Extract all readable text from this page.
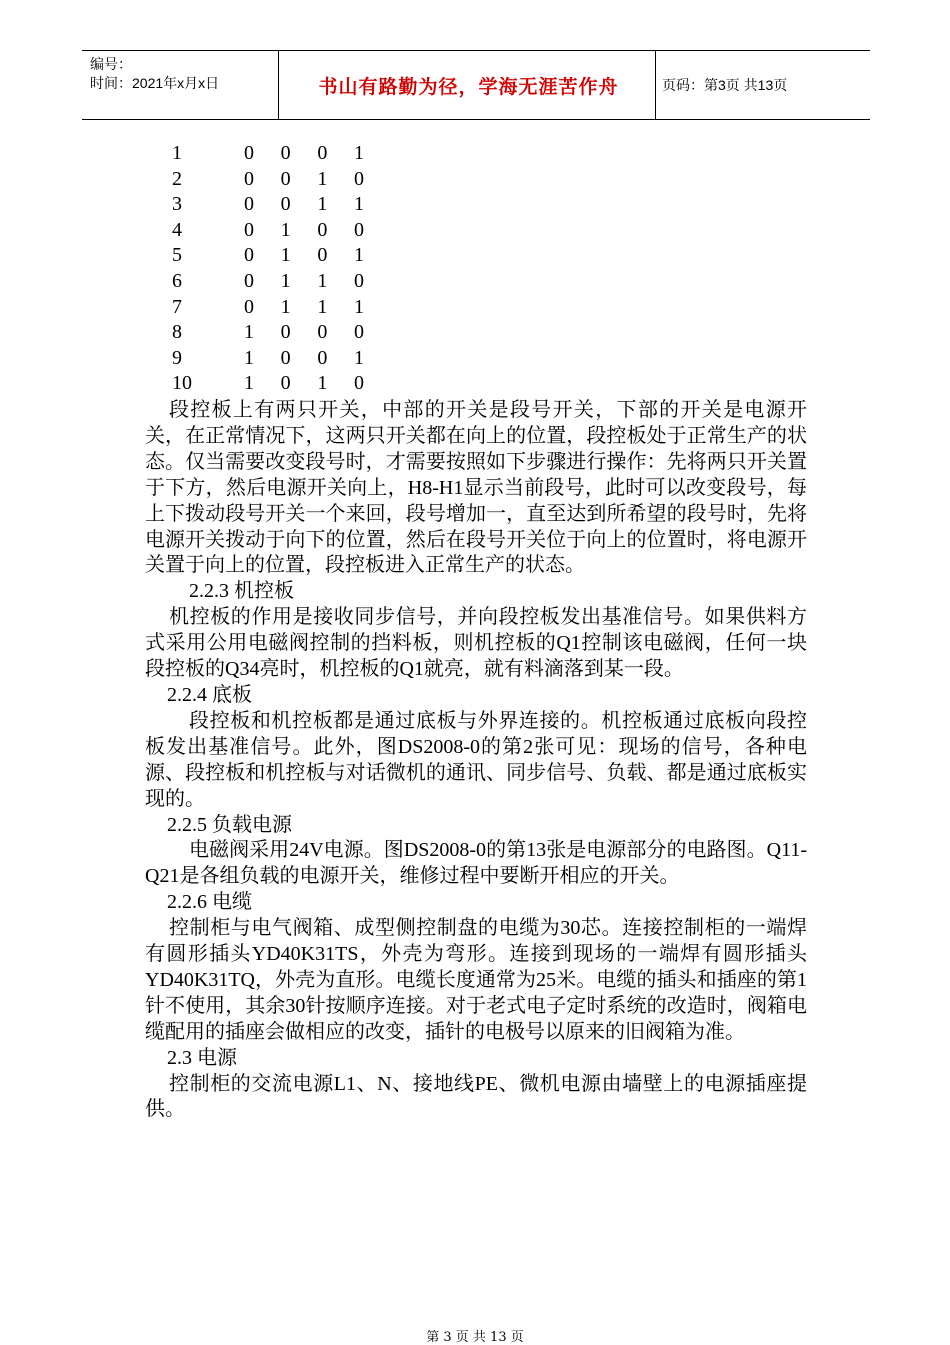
编号：
时间：2021年x月x日	书山有路勤为径，学海无涯苦作舟	页码：第3页 共13页
1	0 0 0 1
2	0 0 1 0
3	0 0 1 1
4	0 1 0 0
5	0 1 0 1
6	0 1 1 0
7	0 1 1 1
8	1 0 0 0
9	1 0 0 1
10	1 0 1 0

段控板上有两只开关，中部的开关是段号开关，下部的开关是电源开关，在正常情况下，这两只开关都在向上的位置，段控板处于正常生产的状态。仅当需要改变段号时，才需要按照如下步骤进行操作：先将两只开关置于下方，然后电源开关向上，H8-H1显示当前段号，此时可以改变段号，每上下拨动段号开关一个来回，段号增加一，直至达到所希望的段号时，先将电源开关拨动于向下的位置，然后在段号开关位于向上的位置时，将电源开关置于向上的位置，段控板进入正常生产的状态。

2.2.3 机控板

机控板的作用是接收同步信号，并向段控板发出基准信号。如果供料方式采用公用电磁阀控制的挡料板，则机控板的Q1控制该电磁阀，任何一块段控板的Q34亮时，机控板的Q1就亮，就有料滴落到某一段。

2.2.4 底板

段控板和机控板都是通过底板与外界连接的。机控板通过底板向段控板发出基准信号。此外，图DS2008-0的第2张可见：现场的信号，各种电源、段控板和机控板与对话微机的通讯、同步信号、负载、都是通过底板实现的。

2.2.5 负载电源

电磁阀采用24V电源。图DS2008-0的第13张是电源部分的电路图。Q11-Q21是各组负载的电源开关，维修过程中要断开相应的开关。

2.2.6 电缆

控制柜与电气阀箱、成型侧控制盘的电缆为30芯。连接控制柜的一端焊有圆形插头YD40K31TS，外壳为弯形。连接到现场的一端焊有圆形插头YD40K31TQ，外壳为直形。电缆长度通常为25米。电缆的插头和插座的第1针不使用，其余30针按顺序连接。对于老式电子定时系统的改造时，阀箱电缆配用的插座会做相应的改变，插针的电极号以原来的旧阀箱为准。

2.3 电源

控制柜的交流电源L1、N、接地线PE、微机电源由墙壁上的电源插座提供。

第 3 页 共 13 页
